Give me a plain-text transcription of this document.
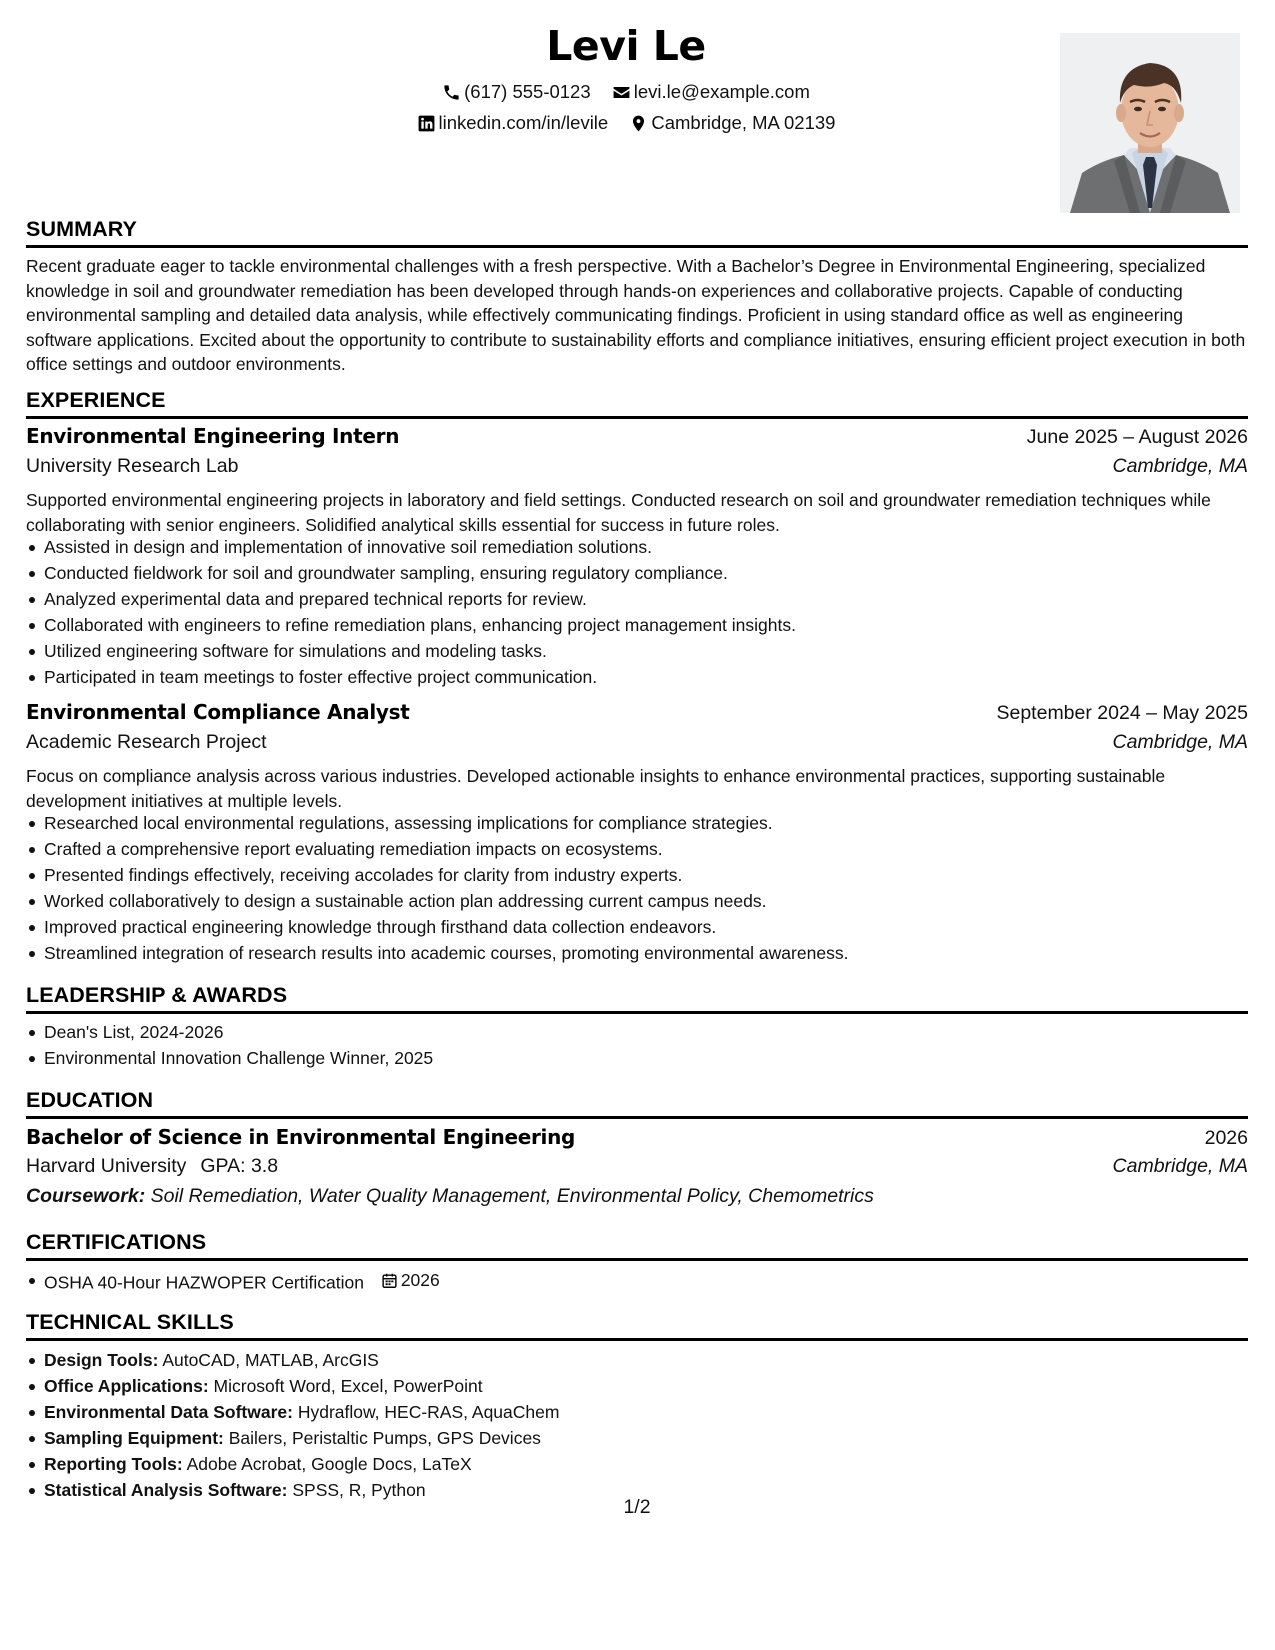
Levi Le
(617) 555-0123
levi.le@example.com
linkedin.com/in/levile
Cambridge, MA 02139
SUMMARY
Recent graduate eager to tackle environmental challenges with a fresh perspective. With a Bachelor’s Degree in Environmental Engineering, specialized knowledge in soil and groundwater remediation has been developed through hands-on experiences and collaborative projects. Capable of conducting environmental sampling and detailed data analysis, while effectively communicating findings. Proficient in using standard office as well as engineering software applications. Excited about the opportunity to contribute to sustainability efforts and compliance initiatives, ensuring efficient project execution in both office settings and outdoor environments.
EXPERIENCE
Environmental Engineering Intern	June 2025 – August 2026
University Research Lab	Cambridge, MA
Supported environmental engineering projects in laboratory and field settings. Conducted research on soil and groundwater remediation techniques while collaborating with senior engineers. Solidified analytical skills essential for success in future roles.
Assisted in design and implementation of innovative soil remediation solutions.
Conducted fieldwork for soil and groundwater sampling, ensuring regulatory compliance.
Analyzed experimental data and prepared technical reports for review.
Collaborated with engineers to refine remediation plans, enhancing project management insights.
Utilized engineering software for simulations and modeling tasks.
Participated in team meetings to foster effective project communication.
Environmental Compliance Analyst	September 2024 – May 2025
Academic Research Project	Cambridge, MA
Focus on compliance analysis across various industries. Developed actionable insights to enhance environmental practices, supporting sustainable development initiatives at multiple levels.
Researched local environmental regulations, assessing implications for compliance strategies.
Crafted a comprehensive report evaluating remediation impacts on ecosystems.
Presented findings effectively, receiving accolades for clarity from industry experts.
Worked collaboratively to design a sustainable action plan addressing current campus needs.
Improved practical engineering knowledge through firsthand data collection endeavors.
Streamlined integration of research results into academic courses, promoting environmental awareness.
LEADERSHIP & AWARDS
Dean's List, 2024-2026
Environmental Innovation Challenge Winner, 2025
EDUCATION
Bachelor of Science in Environmental Engineering	2026
Harvard University GPA: 3.8	Cambridge, MA
Coursework: Soil Remediation, Water Quality Management, Environmental Policy, Chemometrics
CERTIFICATIONS
OSHA 40-Hour HAZWOPER Certification 2026
TECHNICAL SKILLS
Design Tools: AutoCAD, MATLAB, ArcGIS
Office Applications: Microsoft Word, Excel, PowerPoint
Environmental Data Software: Hydraflow, HEC-RAS, AquaChem
Sampling Equipment: Bailers, Peristaltic Pumps, GPS Devices
Reporting Tools: Adobe Acrobat, Google Docs, LaTeX
Statistical Analysis Software: SPSS, R, Python
1/2
